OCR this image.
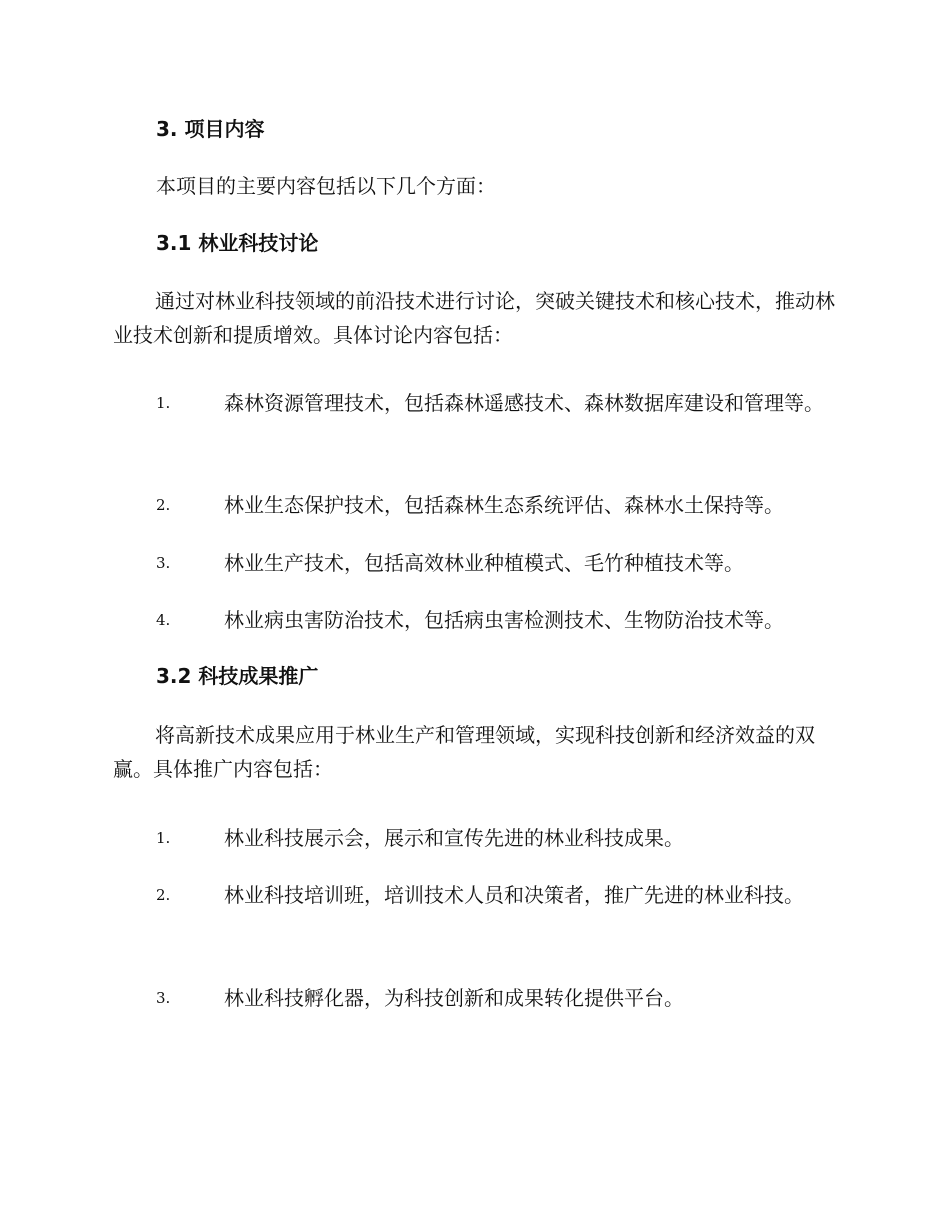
3. 项目内容

本项目的主要内容包括以下几个方面：

3.1 林业科技讨论

通过对林业科技领域的前沿技术进行讨论，突破关键技术和核心技术，推动林业技术创新和提质增效。具体讨论内容包括：

1.	森林资源管理技术，包括森林遥感技术、森林数据库建设和管理等。
2.	林业生态保护技术，包括森林生态系统评估、森林水土保持等。
3.	林业生产技术，包括高效林业种植模式、毛竹种植技术等。
4.	林业病虫害防治技术，包括病虫害检测技术、生物防治技术等。
3.2 科技成果推广

将高新技术成果应用于林业生产和管理领域，实现科技创新和经济效益的双赢。具体推广内容包括：

1.	林业科技展示会，展示和宣传先进的林业科技成果。
2.	林业科技培训班，培训技术人员和决策者，推广先进的林业科技。
3.	林业科技孵化器，为科技创新和成果转化提供平台。
